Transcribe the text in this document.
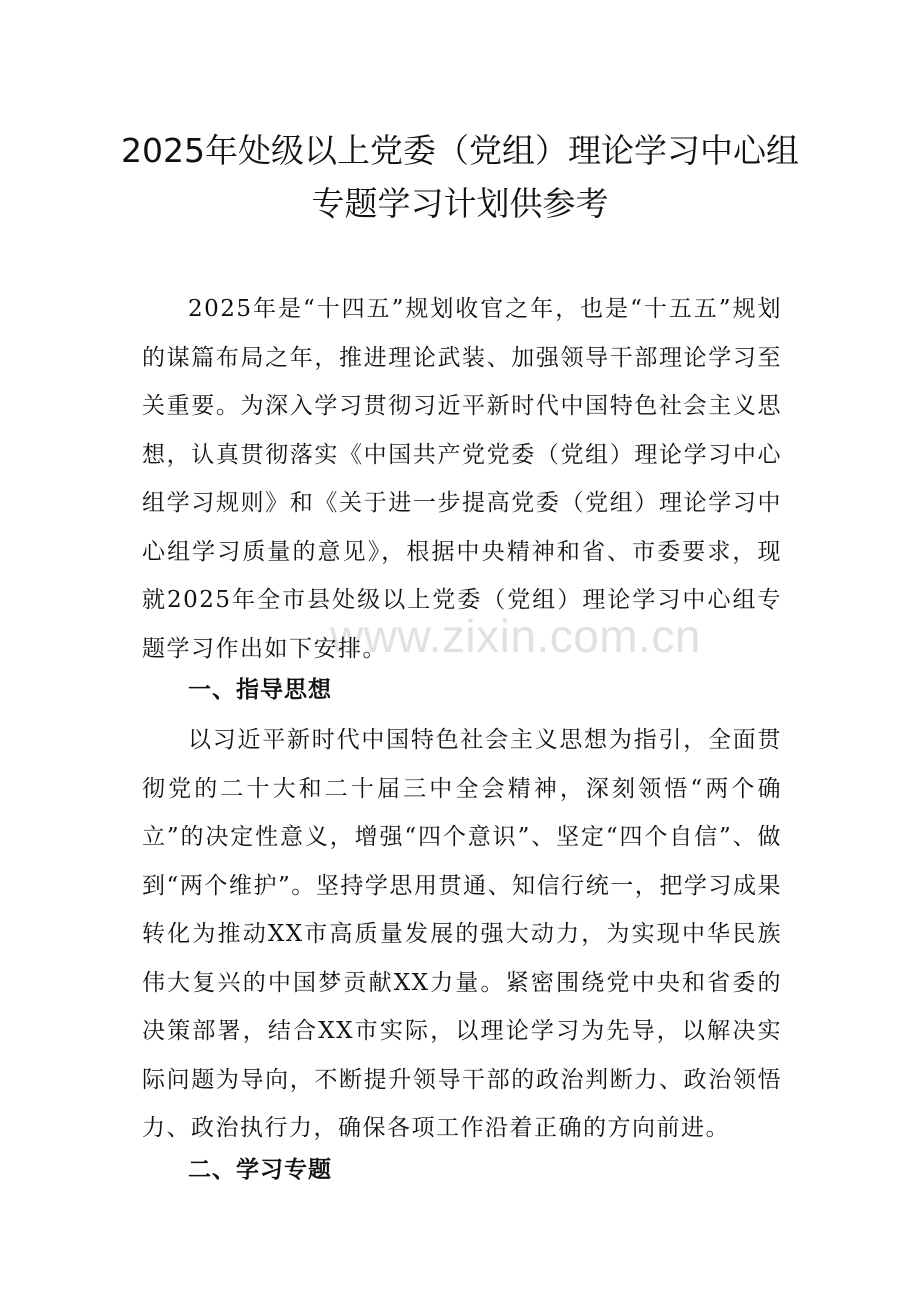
www.zixin.com.cn
2025年处级以上党委（党组）理论学习中心组专题学习计划供参考

2025年是“十四五”规划收官之年，也是“十五五”规划的谋篇布局之年，推进理论武装、加强领导干部理论学习至关重要。为深入学习贯彻习近平新时代中国特色社会主义思想，认真贯彻落实《中国共产党党委（党组）理论学习中心组学习规则》和《关于进一步提高党委（党组）理论学习中心组学习质量的意见》，根据中央精神和省、市委要求，现就2025年全市县处级以上党委（党组）理论学习中心组专题学习作出如下安排。

一、指导思想

以习近平新时代中国特色社会主义思想为指引，全面贯彻党的二十大和二十届三中全会精神，深刻领悟“两个确立”的决定性意义，增强“四个意识”、坚定“四个自信”、做到“两个维护”。坚持学思用贯通、知信行统一，把学习成果转化为推动XX市高质量发展的强大动力，为实现中华民族伟大复兴的中国梦贡献XX力量。紧密围绕党中央和省委的决策部署，结合XX市实际，以理论学习为先导，以解决实际问题为导向，不断提升领导干部的政治判断力、政治领悟力、政治执行力，确保各项工作沿着正确的方向前进。

二、学习专题
